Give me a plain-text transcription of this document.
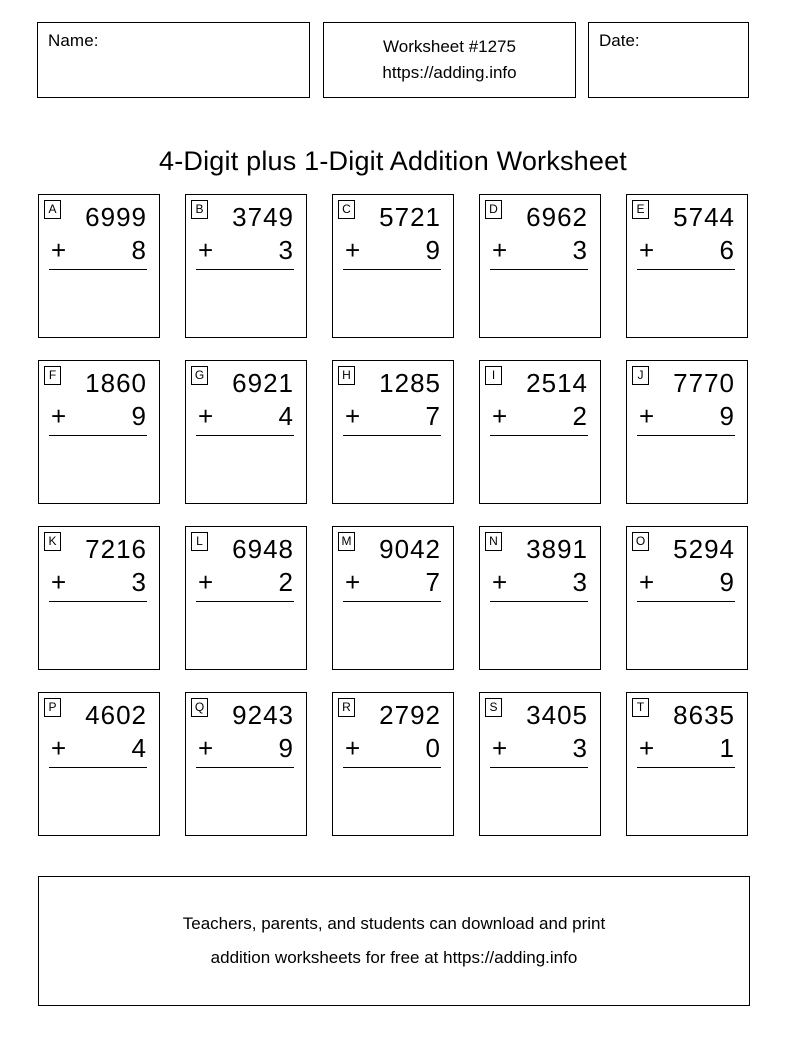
Name:	Worksheet #1275
https://adding.info
Date:
4-Digit plus 1-Digit Addition Worksheet
A	6999
+ 8
B	3749
+ 3
C	5721
+ 9
D	6962
+ 3
E	5744
+ 6
F	1860
+ 9
G	6921
+ 4
H	1285
+ 7
I	2514
+ 2
J	7770
+ 9
K	7216
+ 3
L	6948
+ 2
M	9042
+ 7
N	3891
+ 3
O	5294
+ 9
P	4602
+ 4
Q	9243
+ 9
R	2792
+ 0
S	3405
+ 3
T	8635
+ 1
Teachers, parents, and students can download and print
addition worksheets for free at https://adding.info
